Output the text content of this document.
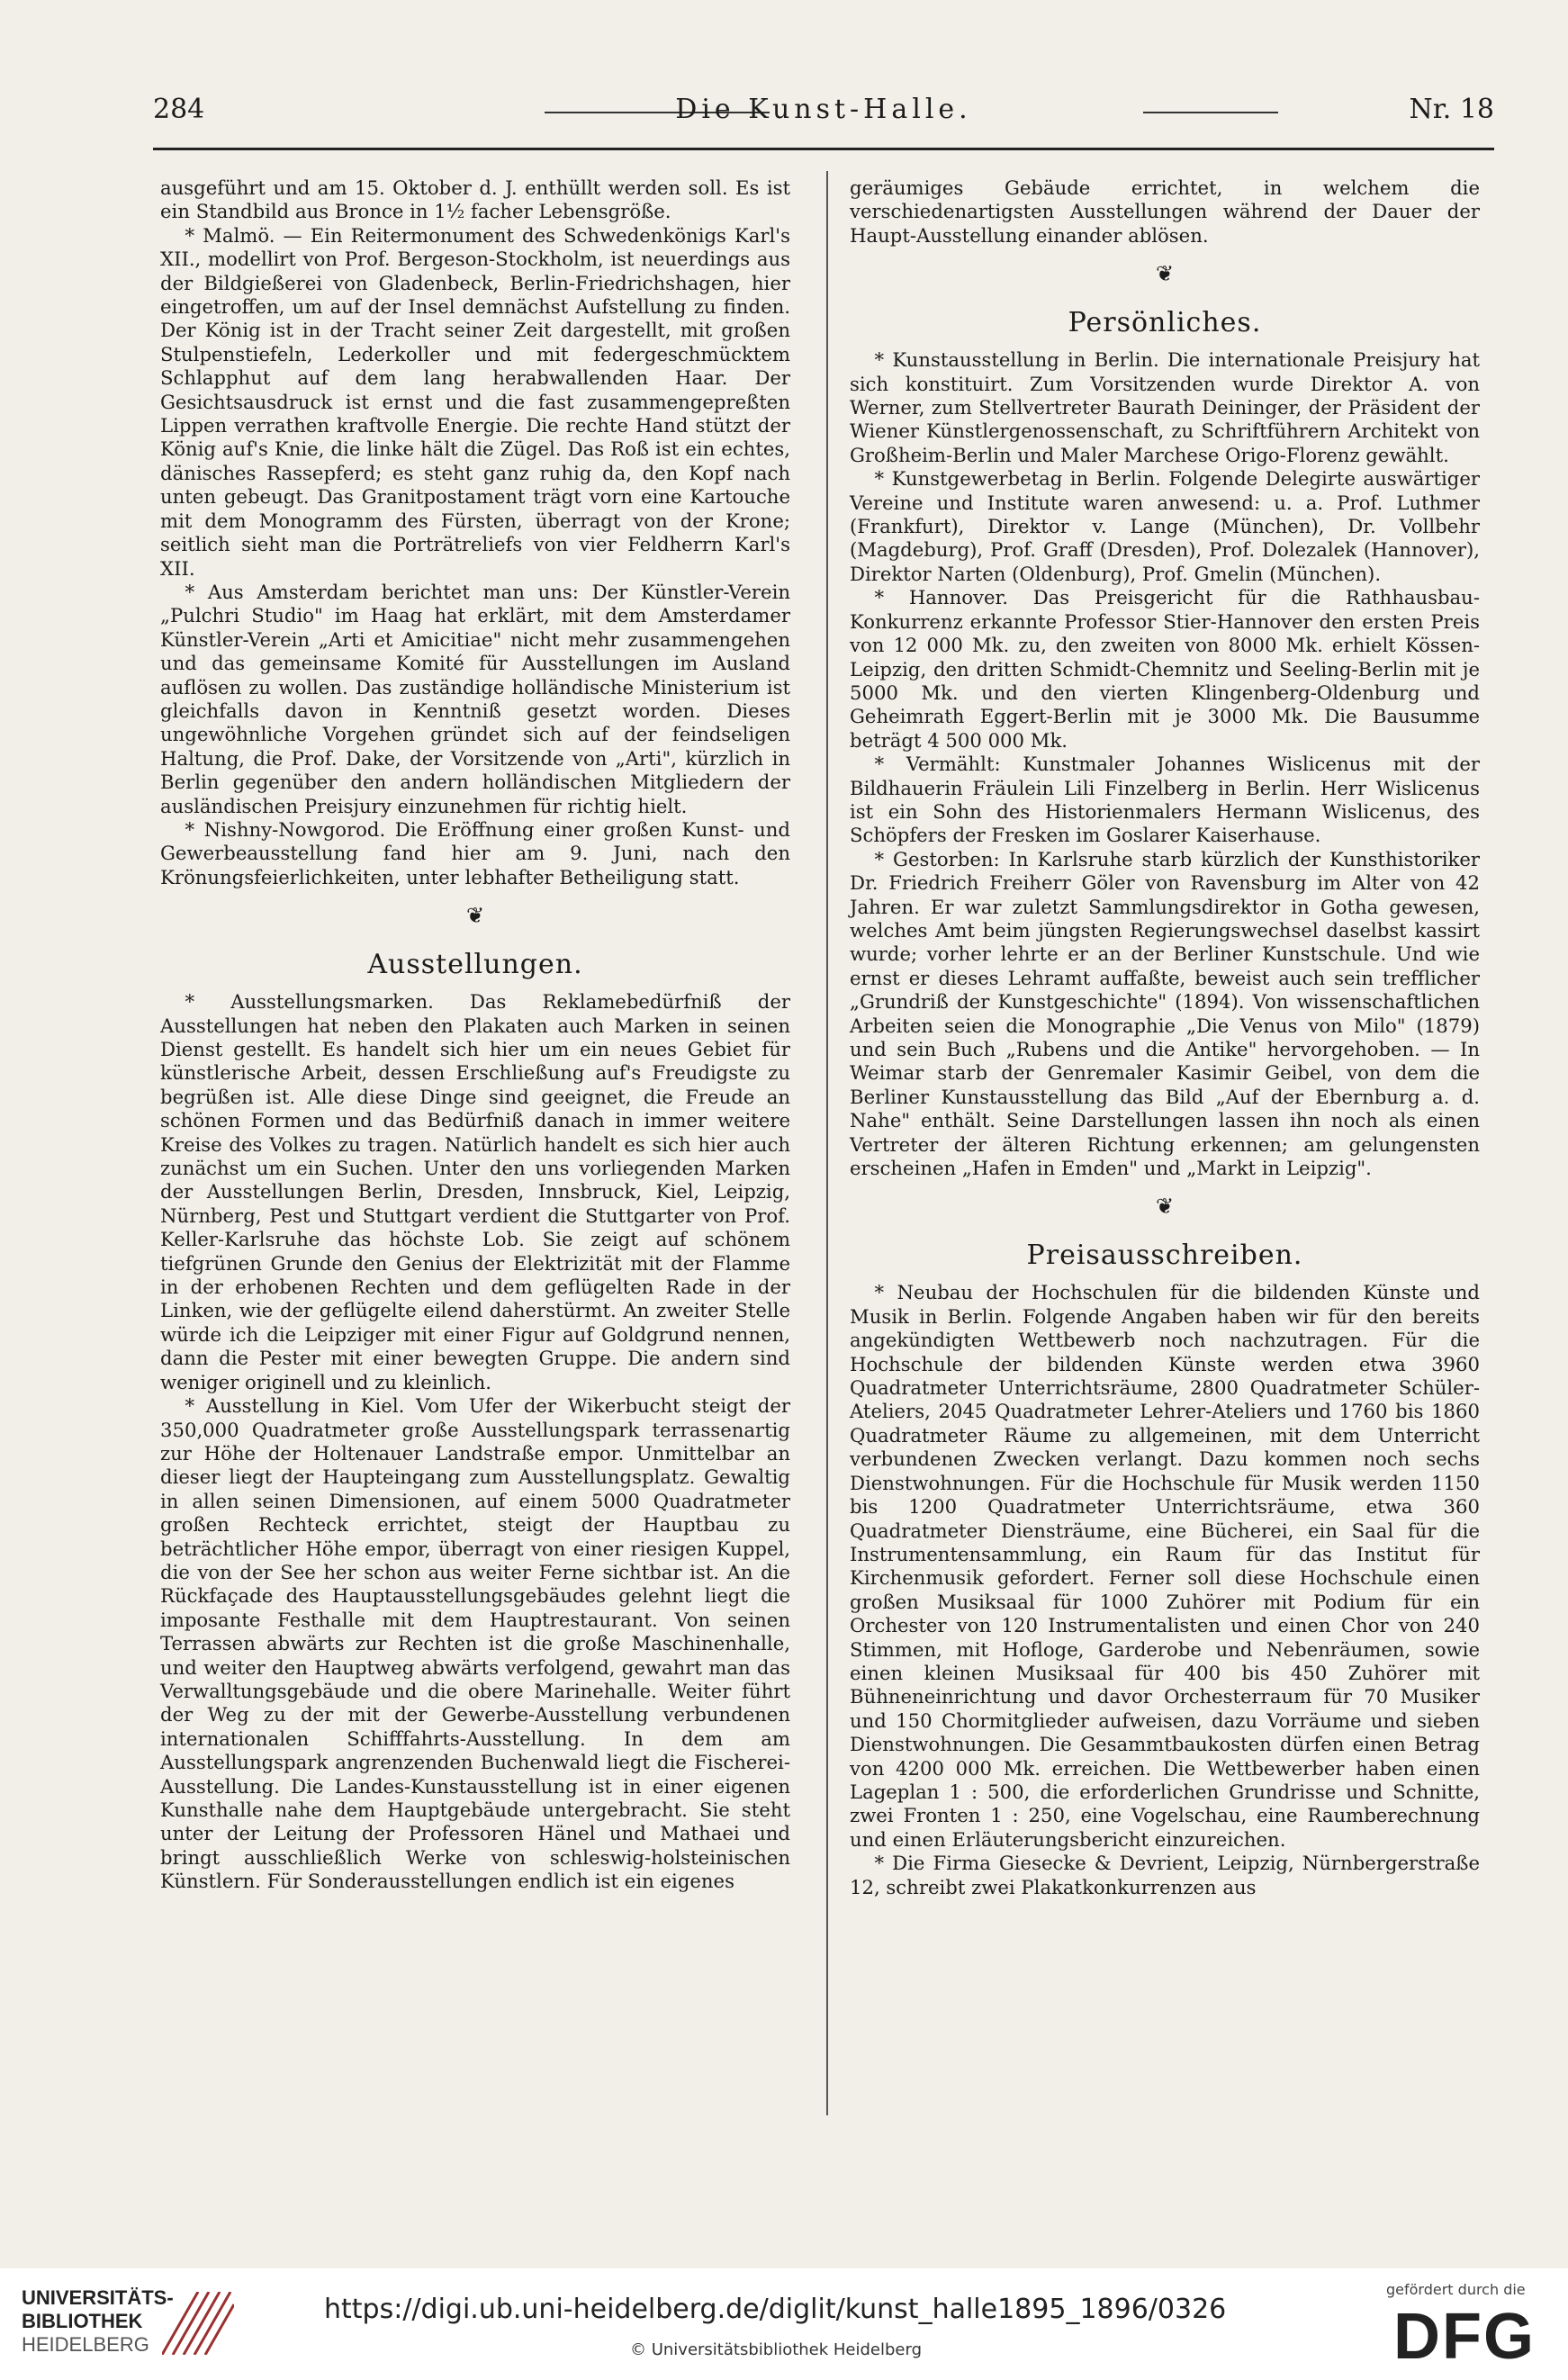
284	Die Kunst-Halle.	Nr. 18

ausgeführt und am 15. Oktober d. J. enthüllt werden soll. Es ist ein Standbild aus Bronce in 1½ facher Lebensgröße.

* Malmö. — Ein Reitermonument des Schwedenkönigs Karl's XII., modellirt von Prof. Bergeson-Stockholm, ist neuerdings aus der Bildgießerei von Gladenbeck, Berlin-Friedrichshagen, hier eingetroffen, um auf der Insel demnächst Aufstellung zu finden. Der König ist in der Tracht seiner Zeit dargestellt, mit großen Stulpenstiefeln, Lederkoller und mit federgeschmücktem Schlapphut auf dem lang herabwallenden Haar. Der Gesichtsausdruck ist ernst und die fast zusammengepreßten Lippen verrathen kraftvolle Energie. Die rechte Hand stützt der König auf's Knie, die linke hält die Zügel. Das Roß ist ein echtes, dänisches Rassepferd; es steht ganz ruhig da, den Kopf nach unten gebeugt. Das Granitpostament trägt vorn eine Kartouche mit dem Monogramm des Fürsten, überragt von der Krone; seitlich sieht man die Porträtreliefs von vier Feldherrn Karl's XII.

* Aus Amsterdam berichtet man uns: Der Künstler-Verein „Pulchri Studio" im Haag hat erklärt, mit dem Amsterdamer Künstler-Verein „Arti et Amicitiae" nicht mehr zusammengehen und das gemeinsame Komité für Ausstellungen im Ausland auflösen zu wollen. Das zuständige holländische Ministerium ist gleichfalls davon in Kenntniß gesetzt worden. Dieses ungewöhnliche Vorgehen gründet sich auf der feindseligen Haltung, die Prof. Dake, der Vorsitzende von „Arti", kürzlich in Berlin gegenüber den andern holländischen Mitgliedern der ausländischen Preisjury einzunehmen für richtig hielt.

* Nishny-Nowgorod. Die Eröffnung einer großen Kunst- und Gewerbeausstellung fand hier am 9. Juni, nach den Krönungsfeierlichkeiten, unter lebhafter Betheiligung statt.

❦
Ausstellungen.

* Ausstellungsmarken. Das Reklamebedürfniß der Ausstellungen hat neben den Plakaten auch Marken in seinen Dienst gestellt. Es handelt sich hier um ein neues Gebiet für künstlerische Arbeit, dessen Erschließung auf's Freudigste zu begrüßen ist. Alle diese Dinge sind geeignet, die Freude an schönen Formen und das Bedürfniß danach in immer weitere Kreise des Volkes zu tragen. Natürlich handelt es sich hier auch zunächst um ein Suchen. Unter den uns vorliegenden Marken der Ausstellungen Berlin, Dresden, Innsbruck, Kiel, Leipzig, Nürnberg, Pest und Stuttgart verdient die Stuttgarter von Prof. Keller-Karlsruhe das höchste Lob. Sie zeigt auf schönem tiefgrünen Grunde den Genius der Elektrizität mit der Flamme in der erhobenen Rechten und dem geflügelten Rade in der Linken, wie der geflügelte eilend daherstürmt. An zweiter Stelle würde ich die Leipziger mit einer Figur auf Goldgrund nennen, dann die Pester mit einer bewegten Gruppe. Die andern sind weniger originell und zu kleinlich.

* Ausstellung in Kiel. Vom Ufer der Wikerbucht steigt der 350,000 Quadratmeter große Ausstellungspark terrassenartig zur Höhe der Holtenauer Landstraße empor. Unmittelbar an dieser liegt der Haupteingang zum Ausstellungsplatz. Gewaltig in allen seinen Dimensionen, auf einem 5000 Quadratmeter großen Rechteck errichtet, steigt der Hauptbau zu beträchtlicher Höhe empor, überragt von einer riesigen Kuppel, die von der See her schon aus weiter Ferne sichtbar ist. An die Rückfaçade des Hauptausstellungsgebäudes gelehnt liegt die imposante Festhalle mit dem Hauptrestaurant. Von seinen Terrassen abwärts zur Rechten ist die große Maschinenhalle, und weiter den Hauptweg abwärts verfolgend, gewahrt man das Verwalltungsgebäude und die obere Marinehalle. Weiter führt der Weg zu der mit der Gewerbe-Ausstellung verbundenen internationalen Schifffahrts-Ausstellung. In dem am Ausstellungspark angrenzenden Buchenwald liegt die Fischerei-Ausstellung. Die Landes-Kunstausstellung ist in einer eigenen Kunsthalle nahe dem Hauptgebäude untergebracht. Sie steht unter der Leitung der Professoren Hänel und Mathaei und bringt ausschließlich Werke von schleswig-holsteinischen Künstlern. Für Sonderausstellungen endlich ist ein eigenes

geräumiges Gebäude errichtet, in welchem die verschiedenartigsten Ausstellungen während der Dauer der Haupt-Ausstellung einander ablösen.

❦
Persönliches.

* Kunstausstellung in Berlin. Die internationale Preisjury hat sich konstituirt. Zum Vorsitzenden wurde Direktor A. von Werner, zum Stellvertreter Baurath Deininger, der Präsident der Wiener Künstlergenossenschaft, zu Schriftführern Architekt von Großheim-Berlin und Maler Marchese Origo-Florenz gewählt.

* Kunstgewerbetag in Berlin. Folgende Delegirte auswärtiger Vereine und Institute waren anwesend: u. a. Prof. Luthmer (Frankfurt), Direktor v. Lange (München), Dr. Vollbehr (Magdeburg), Prof. Graff (Dresden), Prof. Dolezalek (Hannover), Direktor Narten (Oldenburg), Prof. Gmelin (München).

* Hannover. Das Preisgericht für die Rathhausbau-Konkurrenz erkannte Professor Stier-Hannover den ersten Preis von 12 000 Mk. zu, den zweiten von 8000 Mk. erhielt Kössen-Leipzig, den dritten Schmidt-Chemnitz und Seeling-Berlin mit je 5000 Mk. und den vierten Klingenberg-Oldenburg und Geheimrath Eggert-Berlin mit je 3000 Mk. Die Bausumme beträgt 4 500 000 Mk.

* Vermählt: Kunstmaler Johannes Wislicenus mit der Bildhauerin Fräulein Lili Finzelberg in Berlin. Herr Wislicenus ist ein Sohn des Historienmalers Hermann Wislicenus, des Schöpfers der Fresken im Goslarer Kaiserhause.

* Gestorben: In Karlsruhe starb kürzlich der Kunsthistoriker Dr. Friedrich Freiherr Göler von Ravensburg im Alter von 42 Jahren. Er war zuletzt Sammlungsdirektor in Gotha gewesen, welches Amt beim jüngsten Regierungswechsel daselbst kassirt wurde; vorher lehrte er an der Berliner Kunstschule. Und wie ernst er dieses Lehramt auffaßte, beweist auch sein trefflicher „Grundriß der Kunstgeschichte" (1894). Von wissenschaftlichen Arbeiten seien die Monographie „Die Venus von Milo" (1879) und sein Buch „Rubens und die Antike" hervorgehoben. — In Weimar starb der Genremaler Kasimir Geibel, von dem die Berliner Kunstausstellung das Bild „Auf der Ebernburg a. d. Nahe" enthält. Seine Darstellungen lassen ihn noch als einen Vertreter der älteren Richtung erkennen; am gelungensten erscheinen „Hafen in Emden" und „Markt in Leipzig".

❦
Preisausschreiben.

* Neubau der Hochschulen für die bildenden Künste und Musik in Berlin. Folgende Angaben haben wir für den bereits angekündigten Wettbewerb noch nachzutragen. Für die Hochschule der bildenden Künste werden etwa 3960 Quadratmeter Unterrichtsräume, 2800 Quadratmeter Schüler-Ateliers, 2045 Quadratmeter Lehrer-Ateliers und 1760 bis 1860 Quadratmeter Räume zu allgemeinen, mit dem Unterricht verbundenen Zwecken verlangt. Dazu kommen noch sechs Dienstwohnungen. Für die Hochschule für Musik werden 1150 bis 1200 Quadratmeter Unterrichtsräume, etwa 360 Quadratmeter Diensträume, eine Bücherei, ein Saal für die Instrumentensammlung, ein Raum für das Institut für Kirchenmusik gefordert. Ferner soll diese Hochschule einen großen Musiksaal für 1000 Zuhörer mit Podium für ein Orchester von 120 Instrumentalisten und einen Chor von 240 Stimmen, mit Hofloge, Garderobe und Nebenräumen, sowie einen kleinen Musiksaal für 400 bis 450 Zuhörer mit Bühneneinrichtung und davor Orchesterraum für 70 Musiker und 150 Chormitglieder aufweisen, dazu Vorräume und sieben Dienstwohnungen. Die Gesammtbaukosten dürfen einen Betrag von 4200 000 Mk. erreichen. Die Wettbewerber haben einen Lageplan 1 : 500, die erforderlichen Grundrisse und Schnitte, zwei Fronten 1 : 250, eine Vogelschau, eine Raumberechnung und einen Erläuterungsbericht einzureichen.

* Die Firma Giesecke & Devrient, Leipzig, Nürnbergerstraße 12, schreibt zwei Plakatkonkurrenzen aus

UNIVERSITÄTS-
BIBLIOTHEK
HEIDELBERG
https://digi.ub.uni-heidelberg.de/diglit/kunst_halle1895_1896/0326
© Universitätsbibliothek Heidelberg
gefördert durch die
DFG
